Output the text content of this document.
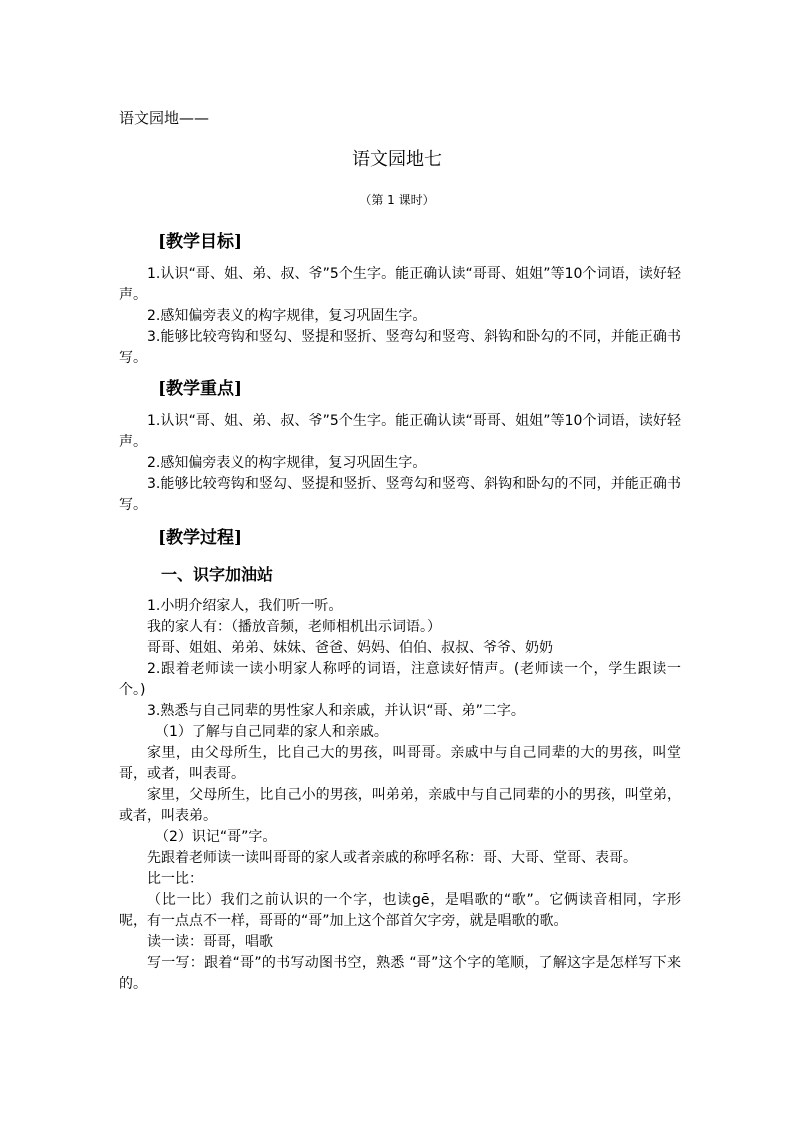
语文园地——
语文园地七
（第 1 课时）

[教学目标]

1.认识“哥、姐、弟、叔、爷”5个生字。能正确认读“哥哥、姐姐”等10个词语，读好轻声。

2.感知偏旁表义的构字规律，复习巩固生字。

3.能够比较弯钩和竖勾、竖提和竖折、竖弯勾和竖弯、斜钩和卧勾的不同，并能正确书写。

[教学重点]

1.认识“哥、姐、弟、叔、爷”5个生字。能正确认读“哥哥、姐姐”等10个词语，读好轻声。

2.感知偏旁表义的构字规律，复习巩固生字。

3.能够比较弯钩和竖勾、竖提和竖折、竖弯勾和竖弯、斜钩和卧勾的不同，并能正确书写。

[教学过程]

一、识字加油站

1.小明介绍家人，我们听一听。

我的家人有：（播放音频，老师相机出示词语。）

哥哥、姐姐、弟弟、妹妹、爸爸、妈妈、伯伯、叔叔、爷爷、奶奶

2.跟着老师读一读小明家人称呼的词语，注意读好情声。(老师读一个，学生跟读一个。)

3.熟悉与自己同辈的男性家人和亲戚，并认识“哥、弟”二字。

（1）了解与自己同辈的家人和亲戚。

家里，由父母所生，比自己大的男孩，叫哥哥。亲戚中与自己同辈的大的男孩，叫堂哥，或者，叫表哥。

家里，父母所生，比自己小的男孩，叫弟弟，亲戚中与自己同辈的小的男孩，叫堂弟，或者，叫表弟。

（2）识记“哥”字。

先跟着老师读一读叫哥哥的家人或者亲戚的称呼名称：哥、大哥、堂哥、表哥。

比一比：

（比一比）我们之前认识的一个字，也读gē，是唱歌的“歌”。它俩读音相同，字形呢，有一点点不一样，哥哥的“哥”加上这个部首欠字旁，就是唱歌的歌。

读一读：哥哥，唱歌

写一写：跟着“哥”的书写动图书空，熟悉 “哥”这个字的笔顺，了解这字是怎样写下来的。
